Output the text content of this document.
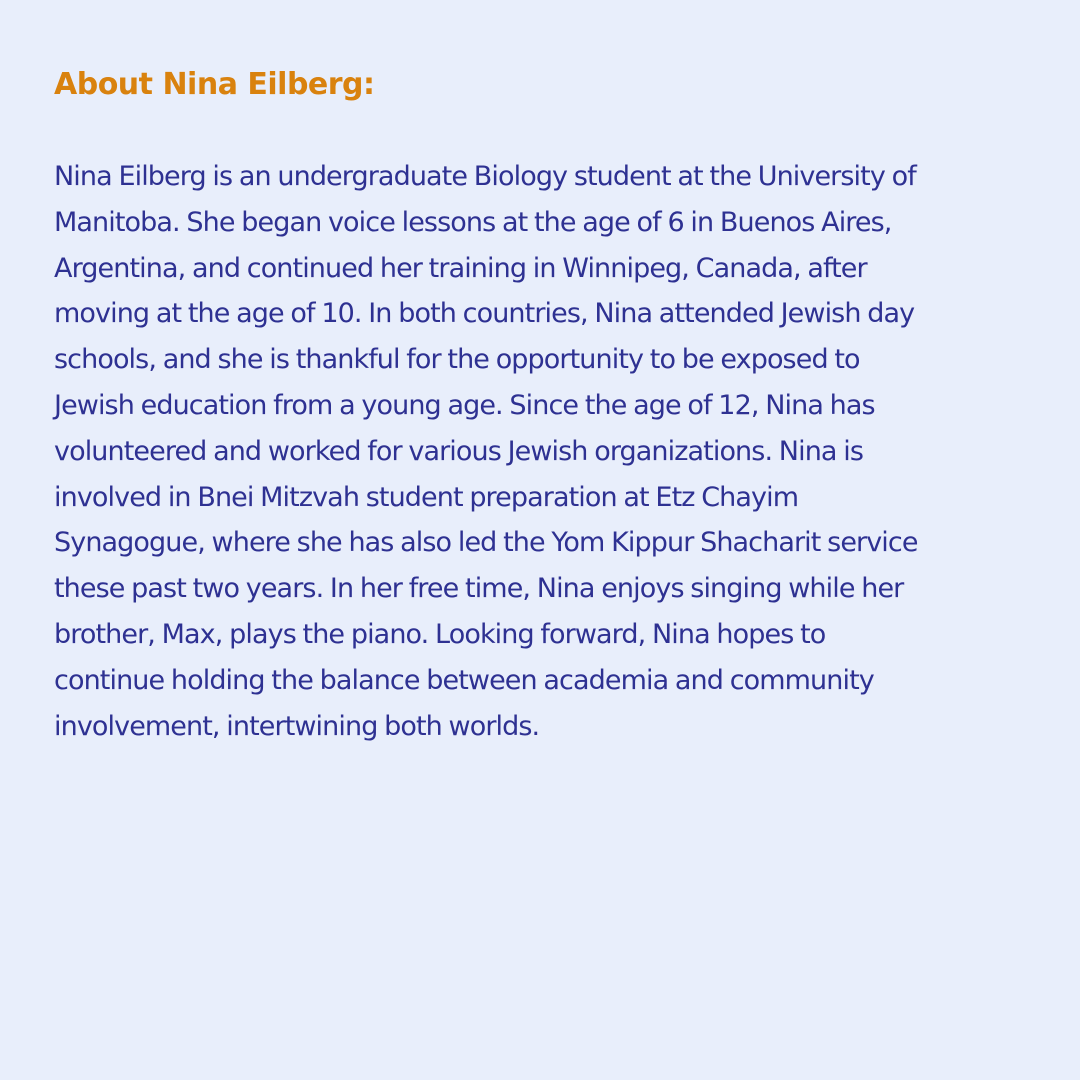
About Nina Eilberg:
Nina Eilberg is an undergraduate Biology student at the University of
Manitoba. She began voice lessons at the age of 6 in Buenos Aires,
Argentina, and continued her training in Winnipeg, Canada, after
moving at the age of 10. In both countries, Nina attended Jewish day
schools, and she is thankful for the opportunity to be exposed to
Jewish education from a young age. Since the age of 12, Nina has
volunteered and worked for various Jewish organizations. Nina is
involved in Bnei Mitzvah student preparation at Etz Chayim
Synagogue, where she has also led the Yom Kippur Shacharit service
these past two years. In her free time, Nina enjoys singing while her
brother, Max, plays the piano. Looking forward, Nina hopes to
continue holding the balance between academia and community
involvement, intertwining both worlds.
